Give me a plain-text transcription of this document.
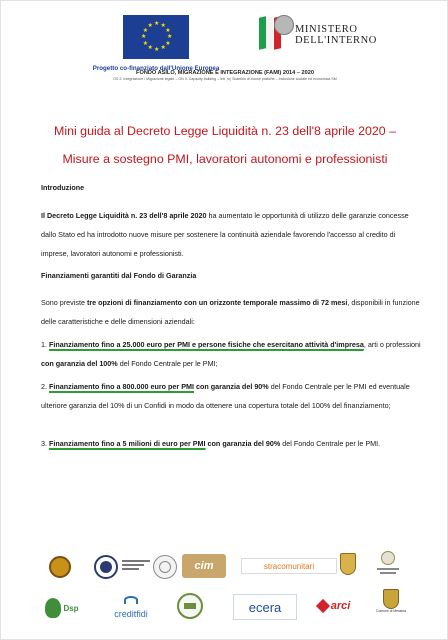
★ ★
★
★
★
★
★
★
★
★
★
★
Progetto co-finanziato dall'Unione Europea
MINISTERO
DELL'INTERNO
FONDO ASILO, MIGRAZIONE E INTEGRAZIONE (FAMI) 2014 – 2020
OS 2. Integrazione / Migrazione legale – ON 3. Capacity building – lett. m) Scambio di buone pratiche – Inclusione sociale ed economica SM
Mini guida al Decreto Legge Liquidità n. 23 dell'8 aprile 2020 –
Misure a sostegno PMI, lavoratori autonomi e professionisti
Introduzione
Il Decreto Legge Liquidità n. 23 dell'8 aprile 2020 ha aumentato le opportunità di utilizzo delle garanzie concesse dallo Stato ed ha introdotto nuove misure per sostenere la continuità aziendale favorendo l'accesso al credito di imprese, lavoratori autonomi e professionisti.
Finanziamenti garantiti dal Fondo di Garanzia
Sono previste tre opzioni di finanziamento con un orizzonte temporale massimo di 72 mesi, disponibili in funzione delle caratteristiche e delle dimensioni aziendali:
1. Finanziamento fino a 25.000 euro per PMI e persone fisiche che esercitano attività d'impresa, arti o professioni con garanzia del 100% del Fondo Centrale per le PMI;
2. Finanziamento fino a 800.000 euro per PMI con garanzia del 90% del Fondo Centrale per le PMI ed eventuale ulteriore garanzia del 10% di un Confidi in modo da ottenere una copertura totale del 100% del finanziamento;
3. Finanziamento fino a 5 milioni di euro per PMI con garanzia del 90% del Fondo Centrale per le PMI.
cim	stracomunitari
Dsp
creditfidi	ecera	arci	Comune di Messina
